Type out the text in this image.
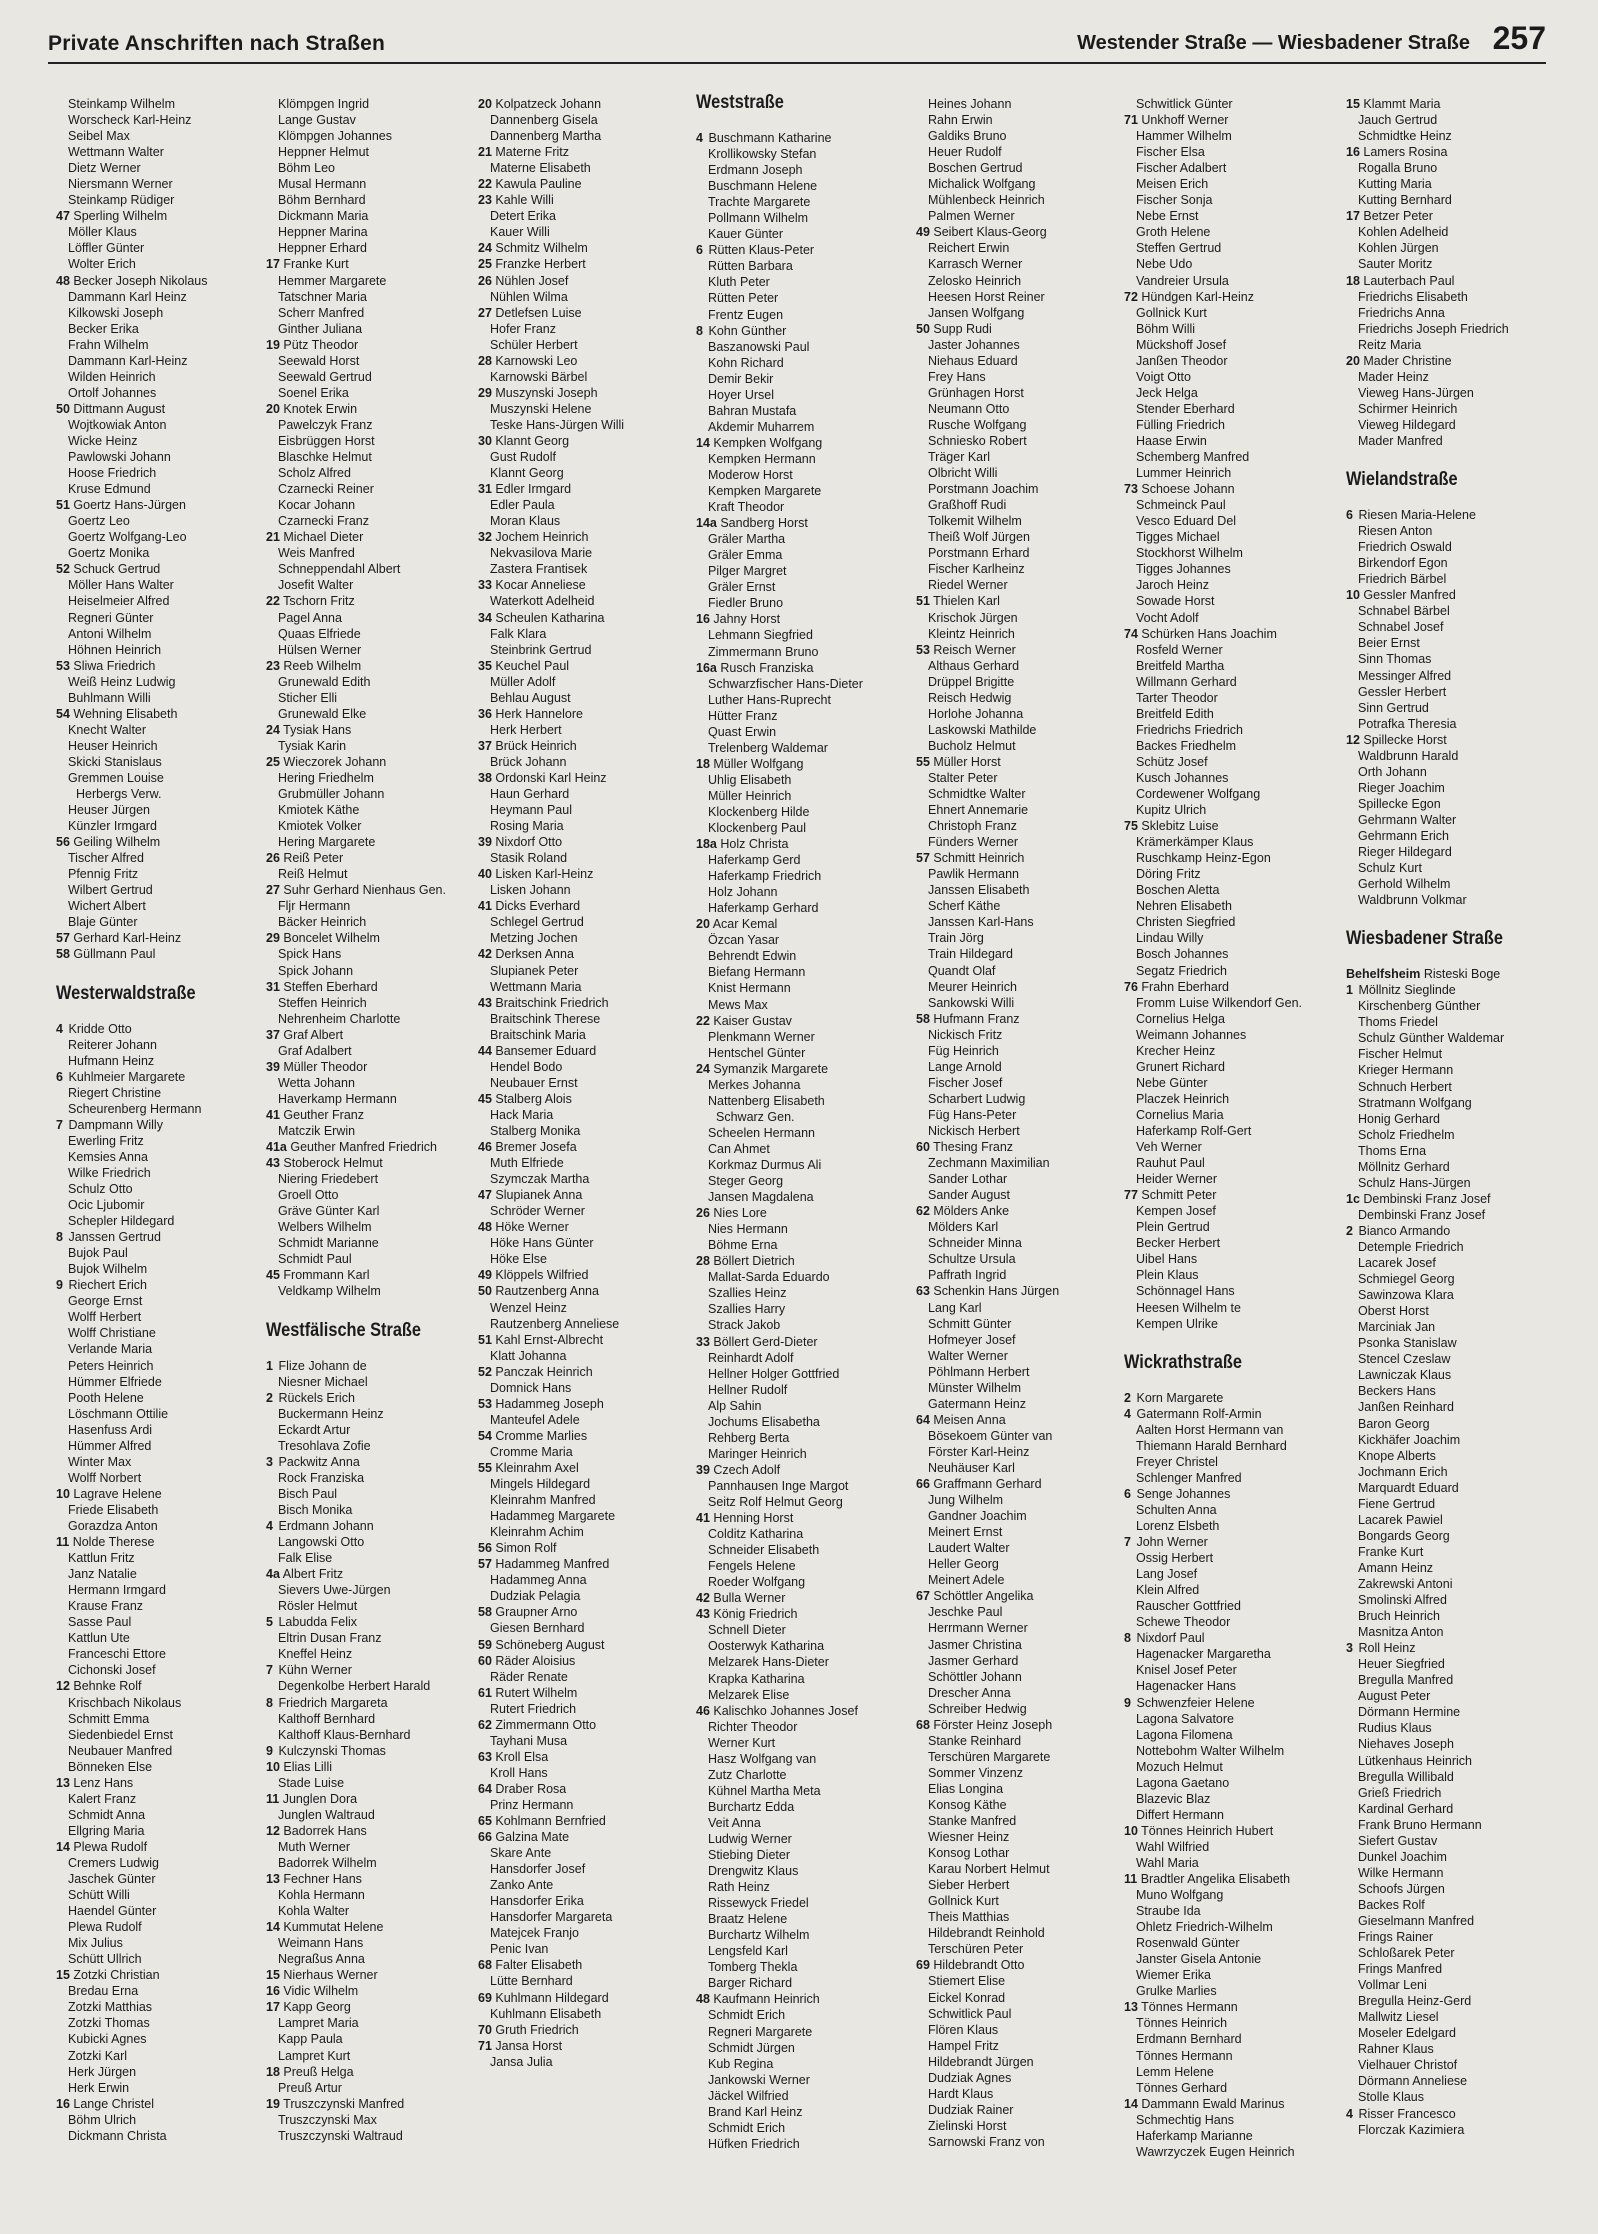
Private Anschriften nach Straßen	Westender Straße — Wiesbadener Straße 257
Steinkamp Wilhelm
Worscheck Karl-Heinz
Seibel Max
Wettmann Walter
Dietz Werner
Niersmann Werner
Steinkamp Rüdiger
47 Sperling Wilhelm
Möller Klaus
Löffler Günter
Wolter Erich
48 Becker Joseph Nikolaus
Dammann Karl Heinz
Kilkowski Joseph
Becker Erika
Frahn Wilhelm
Dammann Karl-Heinz
Wilden Heinrich
Ortolf Johannes
50 Dittmann August
Wojtkowiak Anton
Wicke Heinz
Pawlowski Johann
Hoose Friedrich
Kruse Edmund
51 Goertz Hans-Jürgen
Goertz Leo
Goertz Wolfgang-Leo
Goertz Monika
52 Schuck Gertrud
Möller Hans Walter
Heiselmeier Alfred
Regneri Günter
Antoni Wilhelm
Höhnen Heinrich
53 Sliwa Friedrich
Weiß Heinz Ludwig
Buhlmann Willi
54 Wehning Elisabeth
Knecht Walter
Heuser Heinrich
Skicki Stanislaus
Gremmen Louise
Herbergs Verw.
Heuser Jürgen
Künzler Irmgard
56 Geiling Wilhelm
Tischer Alfred
Pfennig Fritz
Wilbert Gertrud
Wichert Albert
Blaje Günter
57 Gerhard Karl-Heinz
58 Güllmann Paul
Westerwaldstraße
4 Kridde Otto
Reiterer Johann
Hufmann Heinz
6 Kuhlmeier Margarete
Riegert Christine
Scheurenberg Hermann
7 Dampmann Willy
Ewerling Fritz
Kemsies Anna
Wilke Friedrich
Schulz Otto
Ocic Ljubomir
Schepler Hildegard
8 Janssen Gertrud
Bujok Paul
Bujok Wilhelm
9 Riechert Erich
George Ernst
Wolff Herbert
Wolff Christiane
Verlande Maria
Peters Heinrich
Hümmer Elfriede
Pooth Helene
Löschmann Ottilie
Hasenfuss Ardi
Hümmer Alfred
Winter Max
Wolff Norbert
10 Lagrave Helene
Friede Elisabeth
Gorazdza Anton
11 Nolde Therese
Kattlun Fritz
Janz Natalie
Hermann Irmgard
Krause Franz
Sasse Paul
Kattlun Ute
Franceschi Ettore
Cichonski Josef
12 Behnke Rolf
Krischbach Nikolaus
Schmitt Emma
Siedenbiedel Ernst
Neubauer Manfred
Bönneken Else
13 Lenz Hans
Kalert Franz
Schmidt Anna
Ellgring Maria
14 Plewa Rudolf
Cremers Ludwig
Jaschek Günter
Schütt Willi
Haendel Günter
Plewa Rudolf
Mix Julius
Schütt Ullrich
15 Zotzki Christian
Bredau Erna
Zotzki Matthias
Zotzki Thomas
Kubicki Agnes
Zotzki Karl
Herk Jürgen
Herk Erwin
16 Lange Christel
Böhm Ulrich
Dickmann Christa
Klömpgen Ingrid
Lange Gustav
Klömpgen Johannes
Heppner Helmut
Böhm Leo
Musal Hermann
Böhm Bernhard
Dickmann Maria
Heppner Marina
Heppner Erhard
17 Franke Kurt
Hemmer Margarete
Tatschner Maria
Scherr Manfred
Ginther Juliana
19 Pütz Theodor
Seewald Horst
Seewald Gertrud
Soenel Erika
20 Knotek Erwin
Pawelczyk Franz
Eisbrüggen Horst
Blaschke Helmut
Scholz Alfred
Czarnecki Reiner
Kocar Johann
Czarnecki Franz
21 Michael Dieter
Weis Manfred
Schneppendahl Albert
Josefit Walter
22 Tschorn Fritz
Pagel Anna
Quaas Elfriede
Hülsen Werner
23 Reeb Wilhelm
Grunewald Edith
Sticher Elli
Grunewald Elke
24 Tysiak Hans
Tysiak Karin
25 Wieczorek Johann
Hering Friedhelm
Grubmüller Johann
Kmiotek Käthe
Kmiotek Volker
Hering Margarete
26 Reiß Peter
Reiß Helmut
27 Suhr Gerhard Nienhaus Gen.
Fljr Hermann
Bäcker Heinrich
29 Boncelet Wilhelm
Spick Hans
Spick Johann
31 Steffen Eberhard
Steffen Heinrich
Nehrenheim Charlotte
37 Graf Albert
Graf Adalbert
39 Müller Theodor
Wetta Johann
Haverkamp Hermann
41 Geuther Franz
Matczik Erwin
41a Geuther Manfred Friedrich
43 Stoberock Helmut
Niering Friedebert
Groell Otto
Gräve Günter Karl
Welbers Wilhelm
Schmidt Marianne
Schmidt Paul
45 Frommann Karl
Veldkamp Wilhelm
Westfälische Straße
1 Flize Johann de
Niesner Michael
2 Rückels Erich
Buckermann Heinz
Eckardt Artur
Tresohlava Zofie
3 Packwitz Anna
Rock Franziska
Bisch Paul
Bisch Monika
4 Erdmann Johann
Langowski Otto
Falk Elise
4a Albert Fritz
Sievers Uwe-Jürgen
Rösler Helmut
5 Labudda Felix
Eltrin Dusan Franz
Kneffel Heinz
7 Kühn Werner
Degenkolbe Herbert Harald
8 Friedrich Margareta
Kalthoff Bernhard
Kalthoff Klaus-Bernhard
9 Kulczynski Thomas
10 Elias Lilli
Stade Luise
11 Junglen Dora
Junglen Waltraud
12 Badorrek Hans
Muth Werner
Badorrek Wilhelm
13 Fechner Hans
Kohla Hermann
Kohla Walter
14 Kummutat Helene
Weimann Hans
Negraßus Anna
15 Nierhaus Werner
16 Vidic Wilhelm
17 Kapp Georg
Lampret Maria
Kapp Paula
Lampret Kurt
18 Preuß Helga
Preuß Artur
19 Truszczynski Manfred
Truszczynski Max
Truszczynski Waltraud
20 Kolpatzeck Johann
Dannenberg Gisela
Dannenberg Martha
21 Materne Fritz
Materne Elisabeth
22 Kawula Pauline
23 Kahle Willi
Detert Erika
Kauer Willi
24 Schmitz Wilhelm
25 Franzke Herbert
26 Nühlen Josef
Nühlen Wilma
27 Detlefsen Luise
Hofer Franz
Schüler Herbert
28 Karnowski Leo
Karnowski Bärbel
29 Muszynski Joseph
Muszynski Helene
Teske Hans-Jürgen Willi
30 Klannt Georg
Gust Rudolf
Klannt Georg
31 Edler Irmgard
Edler Paula
Moran Klaus
32 Jochem Heinrich
Nekvasilova Marie
Zastera Frantisek
33 Kocar Anneliese
Waterkott Adelheid
34 Scheulen Katharina
Falk Klara
Steinbrink Gertrud
35 Keuchel Paul
Müller Adolf
Behlau August
36 Herk Hannelore
Herk Herbert
37 Brück Heinrich
Brück Johann
38 Ordonski Karl Heinz
Haun Gerhard
Heymann Paul
Rosing Maria
39 Nixdorf Otto
Stasik Roland
40 Lisken Karl-Heinz
Lisken Johann
41 Dicks Everhard
Schlegel Gertrud
Metzing Jochen
42 Derksen Anna
Slupianek Peter
Wettmann Maria
43 Braitschink Friedrich
Braitschink Therese
Braitschink Maria
44 Bansemer Eduard
Hendel Bodo
Neubauer Ernst
45 Stalberg Alois
Hack Maria
Stalberg Monika
46 Bremer Josefa
Muth Elfriede
Szymczak Martha
47 Slupianek Anna
Schröder Werner
48 Höke Werner
Höke Hans Günter
Höke Else
49 Klöppels Wilfried
50 Rautzenberg Anna
Wenzel Heinz
Rautzenberg Anneliese
51 Kahl Ernst-Albrecht
Klatt Johanna
52 Panczak Heinrich
Domnick Hans
53 Hadammeg Joseph
Manteufel Adele
54 Cromme Marlies
Cromme Maria
55 Kleinrahm Axel
Mingels Hildegard
Kleinrahm Manfred
Hadammeg Margarete
Kleinrahm Achim
56 Simon Rolf
57 Hadammeg Manfred
Hadammeg Anna
Dudziak Pelagia
58 Graupner Arno
Giesen Bernhard
59 Schöneberg August
60 Räder Aloisius
Räder Renate
61 Rutert Wilhelm
Rutert Friedrich
62 Zimmermann Otto
Tayhani Musa
63 Kroll Elsa
Kroll Hans
64 Draber Rosa
Prinz Hermann
65 Kohlmann Bernfried
66 Galzina Mate
Skare Ante
Hansdorfer Josef
Zanko Ante
Hansdorfer Erika
Hansdorfer Margareta
Matejcek Franjo
Penic Ivan
68 Falter Elisabeth
Lütte Bernhard
69 Kuhlmann Hildegard
Kuhlmann Elisabeth
70 Gruth Friedrich
71 Jansa Horst
Jansa Julia
Weststraße
4 Buschmann Katharine
Krollikowsky Stefan
Erdmann Joseph
Buschmann Helene
Trachte Margarete
Pollmann Wilhelm
Kauer Günter
6 Rütten Klaus-Peter
Rütten Barbara
Kluth Peter
Rütten Peter
Frentz Eugen
8 Kohn Günther
Baszanowski Paul
Kohn Richard
Demir Bekir
Hoyer Ursel
Bahran Mustafa
Akdemir Muharrem
14 Kempken Wolfgang
Kempken Hermann
Moderow Horst
Kempken Margarete
Kraft Theodor
14a Sandberg Horst
Gräler Martha
Gräler Emma
Pilger Margret
Gräler Ernst
Fiedler Bruno
16 Jahny Horst
Lehmann Siegfried
Zimmermann Bruno
16a Rusch Franziska
Schwarzfischer Hans-Dieter
Luther Hans-Ruprecht
Hütter Franz
Quast Erwin
Trelenberg Waldemar
18 Müller Wolfgang
Uhlig Elisabeth
Müller Heinrich
Klockenberg Hilde
Klockenberg Paul
18a Holz Christa
Haferkamp Gerd
Haferkamp Friedrich
Holz Johann
Haferkamp Gerhard
20 Acar Kemal
Özcan Yasar
Behrendt Edwin
Biefang Hermann
Knist Hermann
Mews Max
22 Kaiser Gustav
Plenkmann Werner
Hentschel Günter
24 Symanzik Margarete
Merkes Johanna
Nattenberg Elisabeth
Schwarz Gen.
Scheelen Hermann
Can Ahmet
Korkmaz Durmus Ali
Steger Georg
Jansen Magdalena
26 Nies Lore
Nies Hermann
Böhme Erna
28 Böllert Dietrich
Mallat-Sarda Eduardo
Szallies Heinz
Szallies Harry
Strack Jakob
33 Böllert Gerd-Dieter
Reinhardt Adolf
Hellner Holger Gottfried
Hellner Rudolf
Alp Sahin
Jochums Elisabetha
Rehberg Berta
Maringer Heinrich
39 Czech Adolf
Pannhausen Inge Margot
Seitz Rolf Helmut Georg
41 Henning Horst
Colditz Katharina
Schneider Elisabeth
Fengels Helene
Roeder Wolfgang
42 Bulla Werner
43 König Friedrich
Schnell Dieter
Oosterwyk Katharina
Melzarek Hans-Dieter
Krapka Katharina
Melzarek Elise
46 Kalischko Johannes Josef
Richter Theodor
Werner Kurt
Hasz Wolfgang van
Zutz Charlotte
Kühnel Martha Meta
Burchartz Edda
Veit Anna
Ludwig Werner
Stiebing Dieter
Drengwitz Klaus
Rath Heinz
Rissewyck Friedel
Braatz Helene
Burchartz Wilhelm
Lengsfeld Karl
Tomberg Thekla
Barger Richard
48 Kaufmann Heinrich
Schmidt Erich
Regneri Margarete
Schmidt Jürgen
Kub Regina
Jankowski Werner
Jäckel Wilfried
Brand Karl Heinz
Schmidt Erich
Hüfken Friedrich
Heines Johann
Rahn Erwin
Galdiks Bruno
Heuer Rudolf
Boschen Gertrud
Michalick Wolfgang
Mühlenbeck Heinrich
Palmen Werner
49 Seibert Klaus-Georg
Reichert Erwin
Karrasch Werner
Zelosko Heinrich
Heesen Horst Reiner
Jansen Wolfgang
50 Supp Rudi
Jaster Johannes
Niehaus Eduard
Frey Hans
Grünhagen Horst
Neumann Otto
Rusche Wolfgang
Schniesko Robert
Träger Karl
Olbricht Willi
Porstmann Joachim
Graßhoff Rudi
Tolkemit Wilhelm
Theiß Wolf Jürgen
Porstmann Erhard
Fischer Karlheinz
Riedel Werner
51 Thielen Karl
Krischok Jürgen
Kleintz Heinrich
53 Reisch Werner
Althaus Gerhard
Drüppel Brigitte
Reisch Hedwig
Horlohe Johanna
Laskowski Mathilde
Bucholz Helmut
55 Müller Horst
Stalter Peter
Schmidtke Walter
Ehnert Annemarie
Christoph Franz
Fünders Werner
57 Schmitt Heinrich
Pawlik Hermann
Janssen Elisabeth
Scherf Käthe
Janssen Karl-Hans
Train Jörg
Train Hildegard
Quandt Olaf
Meurer Heinrich
Sankowski Willi
58 Hufmann Franz
Nickisch Fritz
Füg Heinrich
Lange Arnold
Fischer Josef
Scharbert Ludwig
Füg Hans-Peter
Nickisch Herbert
60 Thesing Franz
Zechmann Maximilian
Sander Lothar
Sander August
62 Mölders Anke
Mölders Karl
Schneider Minna
Schultze Ursula
Paffrath Ingrid
63 Schenkin Hans Jürgen
Lang Karl
Schmitt Günter
Hofmeyer Josef
Walter Werner
Pöhlmann Herbert
Münster Wilhelm
Gatermann Heinz
64 Meisen Anna
Bösekoem Günter van
Förster Karl-Heinz
Neuhäuser Karl
66 Graffmann Gerhard
Jung Wilhelm
Gandner Joachim
Meinert Ernst
Laudert Walter
Heller Georg
Meinert Adele
67 Schöttler Angelika
Jeschke Paul
Herrmann Werner
Jasmer Christina
Jasmer Gerhard
Schöttler Johann
Drescher Anna
Schreiber Hedwig
68 Förster Heinz Joseph
Stanke Reinhard
Terschüren Margarete
Sommer Vinzenz
Elias Longina
Konsog Käthe
Stanke Manfred
Wiesner Heinz
Konsog Lothar
Karau Norbert Helmut
Sieber Herbert
Gollnick Kurt
Theis Matthias
Hildebrandt Reinhold
Terschüren Peter
69 Hildebrandt Otto
Stiemert Elise
Eickel Konrad
Schwitlick Paul
Flören Klaus
Hampel Fritz
Hildebrandt Jürgen
Dudziak Agnes
Hardt Klaus
Dudziak Rainer
Zielinski Horst
Sarnowski Franz von
Schwitlick Günter
71 Unkhoff Werner
Hammer Wilhelm
Fischer Elsa
Fischer Adalbert
Meisen Erich
Fischer Sonja
Nebe Ernst
Groth Helene
Steffen Gertrud
Nebe Udo
Vandreier Ursula
72 Hündgen Karl-Heinz
Gollnick Kurt
Böhm Willi
Mückshoff Josef
Janßen Theodor
Voigt Otto
Jeck Helga
Stender Eberhard
Fülling Friedrich
Haase Erwin
Schemberg Manfred
Lummer Heinrich
73 Schoese Johann
Schmeinck Paul
Vesco Eduard Del
Tigges Michael
Stockhorst Wilhelm
Tigges Johannes
Jaroch Heinz
Sowade Horst
Vocht Adolf
74 Schürken Hans Joachim
Rosfeld Werner
Breitfeld Martha
Willmann Gerhard
Tarter Theodor
Breitfeld Edith
Friedrichs Friedrich
Backes Friedhelm
Schütz Josef
Kusch Johannes
Cordewener Wolfgang
Kupitz Ulrich
75 Sklebitz Luise
Krämerkämper Klaus
Ruschkamp Heinz-Egon
Döring Fritz
Boschen Aletta
Nehren Elisabeth
Christen Siegfried
Lindau Willy
Bosch Johannes
Segatz Friedrich
76 Frahn Eberhard
Fromm Luise Wilkendorf Gen.
Cornelius Helga
Weimann Johannes
Krecher Heinz
Grunert Richard
Nebe Günter
Placzek Heinrich
Cornelius Maria
Haferkamp Rolf-Gert
Veh Werner
Rauhut Paul
Heider Werner
77 Schmitt Peter
Kempen Josef
Plein Gertrud
Becker Herbert
Uibel Hans
Plein Klaus
Schönnagel Hans
Heesen Wilhelm te
Kempen Ulrike
Wickrathstraße
2 Korn Margarete
4 Gatermann Rolf-Armin
Aalten Horst Hermann van
Thiemann Harald Bernhard
Freyer Christel
Schlenger Manfred
6 Senge Johannes
Schulten Anna
Lorenz Elsbeth
7 John Werner
Ossig Herbert
Lang Josef
Klein Alfred
Rauscher Gottfried
Schewe Theodor
8 Nixdorf Paul
Hagenacker Margaretha
Knisel Josef Peter
Hagenacker Hans
9 Schwenzfeier Helene
Lagona Salvatore
Lagona Filomena
Nottebohm Walter Wilhelm
Mozuch Helmut
Lagona Gaetano
Blazevic Blaz
Differt Hermann
10 Tönnes Heinrich Hubert
Wahl Wilfried
Wahl Maria
11 Bradtler Angelika Elisabeth
Muno Wolfgang
Straube Ida
Ohletz Friedrich-Wilhelm
Rosenwald Günter
Janster Gisela Antonie
Wiemer Erika
Grulke Marlies
13 Tönnes Hermann
Tönnes Heinrich
Erdmann Bernhard
Tönnes Hermann
Lemm Helene
Tönnes Gerhard
14 Dammann Ewald Marinus
Schmechtig Hans
Haferkamp Marianne
Wawrzyczek Eugen Heinrich
15 Klammt Maria
Jauch Gertrud
Schmidtke Heinz
16 Lamers Rosina
Rogalla Bruno
Kutting Maria
Kutting Bernhard
17 Betzer Peter
Kohlen Adelheid
Kohlen Jürgen
Sauter Moritz
18 Lauterbach Paul
Friedrichs Elisabeth
Friedrichs Anna
Friedrichs Joseph Friedrich
Reitz Maria
20 Mader Christine
Mader Heinz
Vieweg Hans-Jürgen
Schirmer Heinrich
Vieweg Hildegard
Mader Manfred
Wielandstraße
6 Riesen Maria-Helene
Riesen Anton
Friedrich Oswald
Birkendorf Egon
Friedrich Bärbel
10 Gessler Manfred
Schnabel Bärbel
Schnabel Josef
Beier Ernst
Sinn Thomas
Messinger Alfred
Gessler Herbert
Sinn Gertrud
Potrafka Theresia
12 Spillecke Horst
Waldbrunn Harald
Orth Johann
Rieger Joachim
Spillecke Egon
Gehrmann Walter
Gehrmann Erich
Rieger Hildegard
Schulz Kurt
Gerhold Wilhelm
Waldbrunn Volkmar
Wiesbadener Straße
Behelfsheim Risteski Boge
1 Möllnitz Sieglinde
Kirschenberg Günther
Thoms Friedel
Schulz Günther Waldemar
Fischer Helmut
Krieger Hermann
Schnuch Herbert
Stratmann Wolfgang
Honig Gerhard
Scholz Friedhelm
Thoms Erna
Möllnitz Gerhard
Schulz Hans-Jürgen
1c Dembinski Franz Josef
Dembinski Franz Josef
2 Bianco Armando
Detemple Friedrich
Lacarek Josef
Schmiegel Georg
Sawinzowa Klara
Oberst Horst
Marciniak Jan
Psonka Stanislaw
Stencel Czeslaw
Lawniczak Klaus
Beckers Hans
Janßen Reinhard
Baron Georg
Kickhäfer Joachim
Knope Alberts
Jochmann Erich
Marquardt Eduard
Fiene Gertrud
Lacarek Pawiel
Bongards Georg
Franke Kurt
Amann Heinz
Zakrewski Antoni
Smolinski Alfred
Bruch Heinrich
Masnitza Anton
3 Roll Heinz
Heuer Siegfried
Bregulla Manfred
August Peter
Dörmann Hermine
Rudius Klaus
Niehaves Joseph
Lütkenhaus Heinrich
Bregulla Willibald
Grieß Friedrich
Kardinal Gerhard
Frank Bruno Hermann
Siefert Gustav
Dunkel Joachim
Wilke Hermann
Schoofs Jürgen
Backes Rolf
Gieselmann Manfred
Frings Rainer
Schloßarek Peter
Frings Manfred
Vollmar Leni
Bregulla Heinz-Gerd
Mallwitz Liesel
Moseler Edelgard
Rahner Klaus
Vielhauer Christof
Dörmann Anneliese
Stolle Klaus
4 Risser Francesco
Florczak Kazimiera
